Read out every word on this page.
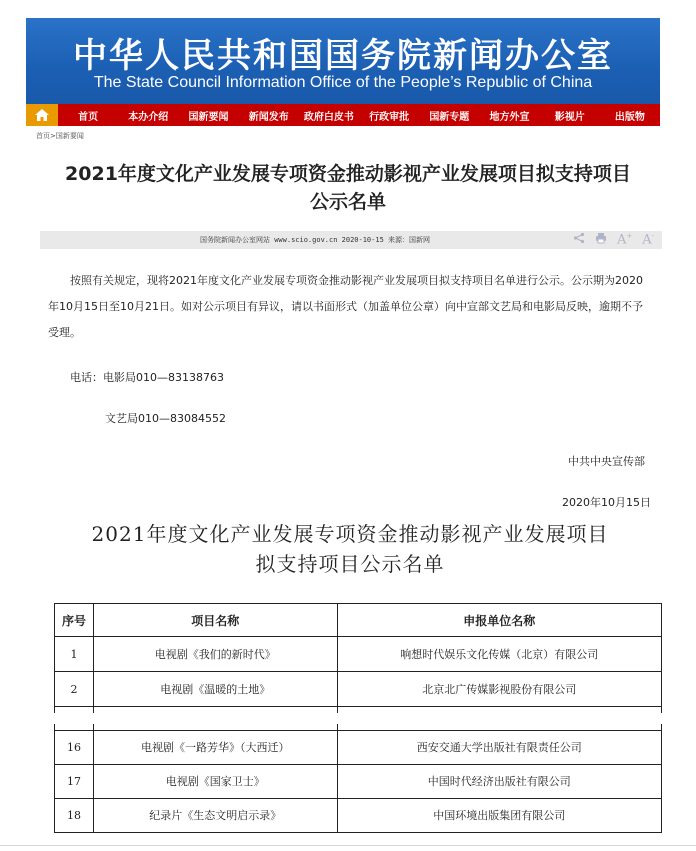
中华人民共和国国务院新闻办公室
The State Council Information Office of the People’s Republic of China
首页	本办介绍	国新要闻	新闻发布	政府白皮书	行政审批	国新专题	地方外宣	影视片	出版物
首页>国新要闻
2021年度文化产业发展专项资金推动影视产业发展项目拟支持项目
公示名单
国务院新闻办公室网站 www.scio.gov.cn 2020-10-15 来源：国新网	A+ A-
按照有关规定，现将2021年度文化产业发展专项资金推动影视产业发展项目拟支持项目名单进行公示。公示期为2020年10月15日至10月21日。如对公示项目有异议，请以书面形式（加盖单位公章）向中宣部文艺局和电影局反映，逾期不予受理。
电话：电影局010—83138763
文艺局010—83084552
中共中央宣传部
2020年10月15日
2021年度文化产业发展专项资金推动影视产业发展项目
拟支持项目公示名单
序号	项目名称	申报单位名称
1	电视剧《我们的新时代》	响想时代娱乐文化传媒（北京）有限公司
2	电视剧《温暖的土地》	北京北广传媒影视股份有限公司

16	电视剧《一路芳华》（大西迁）	西安交通大学出版社有限责任公司
17	电视剧《国家卫士》	中国时代经济出版社有限公司
18	纪录片《生态文明启示录》	中国环境出版集团有限公司
